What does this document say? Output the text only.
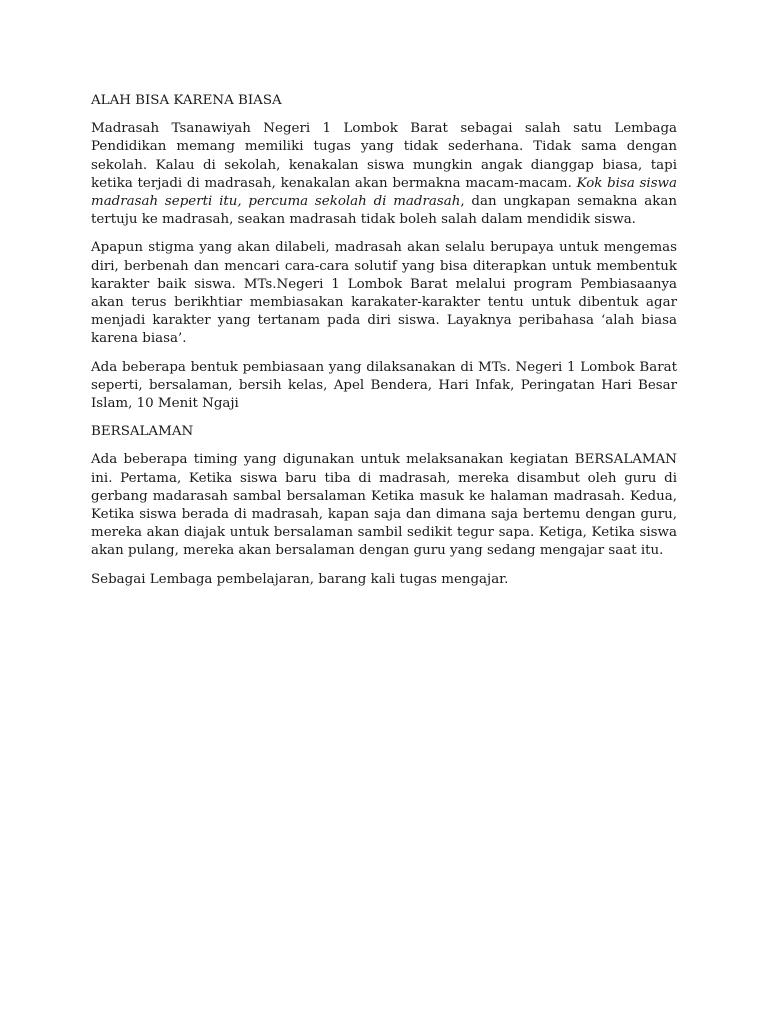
ALAH BISA KARENA BIASA

Madrasah Tsanawiyah Negeri 1 Lombok Barat sebagai salah satu Lembaga Pendidikan memang memiliki tugas yang tidak sederhana. Tidak sama dengan sekolah. Kalau di sekolah, kenakalan siswa mungkin angak dianggap biasa, tapi ketika terjadi di madrasah, kenakalan akan bermakna macam-macam. Kok bisa siswa madrasah seperti itu, percuma sekolah di madrasah, dan ungkapan semakna akan tertuju ke madrasah, seakan madrasah tidak boleh salah dalam mendidik siswa.

Apapun stigma yang akan dilabeli, madrasah akan selalu berupaya untuk mengemas diri, berbenah dan mencari cara-cara solutif yang bisa diterapkan untuk membentuk karakter baik siswa. MTs.Negeri 1 Lombok Barat melalui program Pembiasaanya akan terus berikhtiar membiasakan karakater-karakter tentu untuk dibentuk agar menjadi karakter yang tertanam pada diri siswa. Layaknya peribahasa ‘alah biasa karena biasa’.

Ada beberapa bentuk pembiasaan yang dilaksanakan di MTs. Negeri 1 Lombok Barat seperti, bersalaman, bersih kelas, Apel Bendera, Hari Infak, Peringatan Hari Besar Islam, 10 Menit Ngaji

BERSALAMAN

Ada beberapa timing yang digunakan untuk melaksanakan kegiatan BERSALAMAN ini. Pertama, Ketika siswa baru tiba di madrasah, mereka disambut oleh guru di gerbang madarasah sambal bersalaman Ketika masuk ke halaman madrasah. Kedua, Ketika siswa berada di madrasah, kapan saja dan dimana saja bertemu dengan guru, mereka akan diajak untuk bersalaman sambil sedikit tegur sapa. Ketiga, Ketika siswa akan pulang, mereka akan bersalaman dengan guru yang sedang mengajar saat itu.

Sebagai Lembaga pembelajaran, barang kali tugas mengajar.
